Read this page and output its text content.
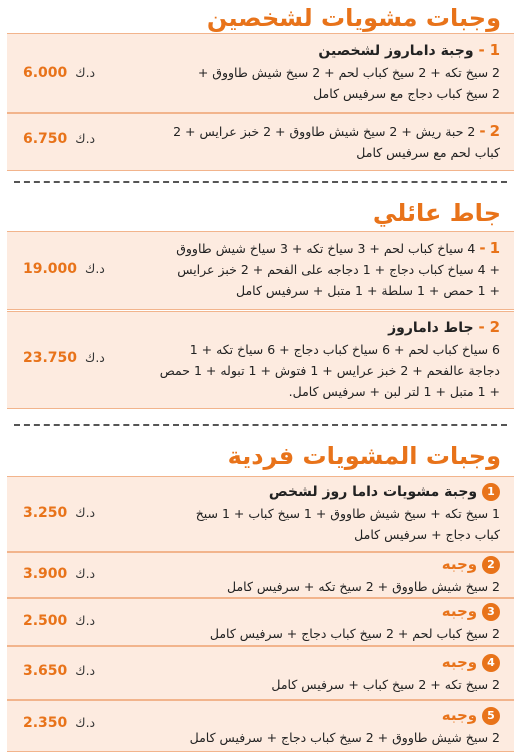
وجبات مشويات لشخصين

1 - وجبة داماروز لشخصين

2 سيخ تكه + 2 سيخ كباب لحم + 2 سيخ شيش طاووق +

2 سيخ كباب دجاج مع سرفيس كامل

د.ك 6.000

2 - 2 حبة ريش + 2 سيخ شيش طاووق + 2 خبز عرايس + 2

كباب لحم مع سرفيس كامل

د.ك 6.750
جاط عائلي

1 - 4 سياخ كباب لحم + 3 سياخ تكه + 3 سياخ شيش طاووق

+ 4 سياخ كباب دجاج + 1 دجاجه على الفحم + 2 خبز عرايس

+ 1 حمص + 1 سلطة + 1 متبل + سرفيس كامل

د.ك 19.000

2 - جاط داماروز

6 سياخ كباب لحم + 6 سياخ كباب دجاج + 6 سياخ تكه + 1

دجاجة عالفحم + 2 خبز عرايس + 1 فتوش + 1 تبوله + 1 حمص

+ 1 متبل + 1 لتر لبن + سرفيس كامل.

د.ك 23.750
وجبات المشويات فردية

1 وجبة مشويات داما روز لشخص

1 سيخ تكه + سيخ شيش طاووق + 1 سيخ كباب + 1 سيخ

كباب دجاج + سرفيس كامل

د.ك 3.250

2 وجبه

2 سيخ شيش طاووق + 2 سيخ تكه + سرفيس كامل

د.ك 3.900

3 وجبه

2 سيخ كباب لحم + 2 سيخ كباب دجاج + سرفيس كامل

د.ك 2.500

4 وجبه

2 سيخ تكه + 2 سيخ كباب + سرفيس كامل

د.ك 3.650

5 وجبه

2 سيخ شيش طاووق + 2 سيخ كباب دجاج + سرفيس كامل

د.ك 2.350
